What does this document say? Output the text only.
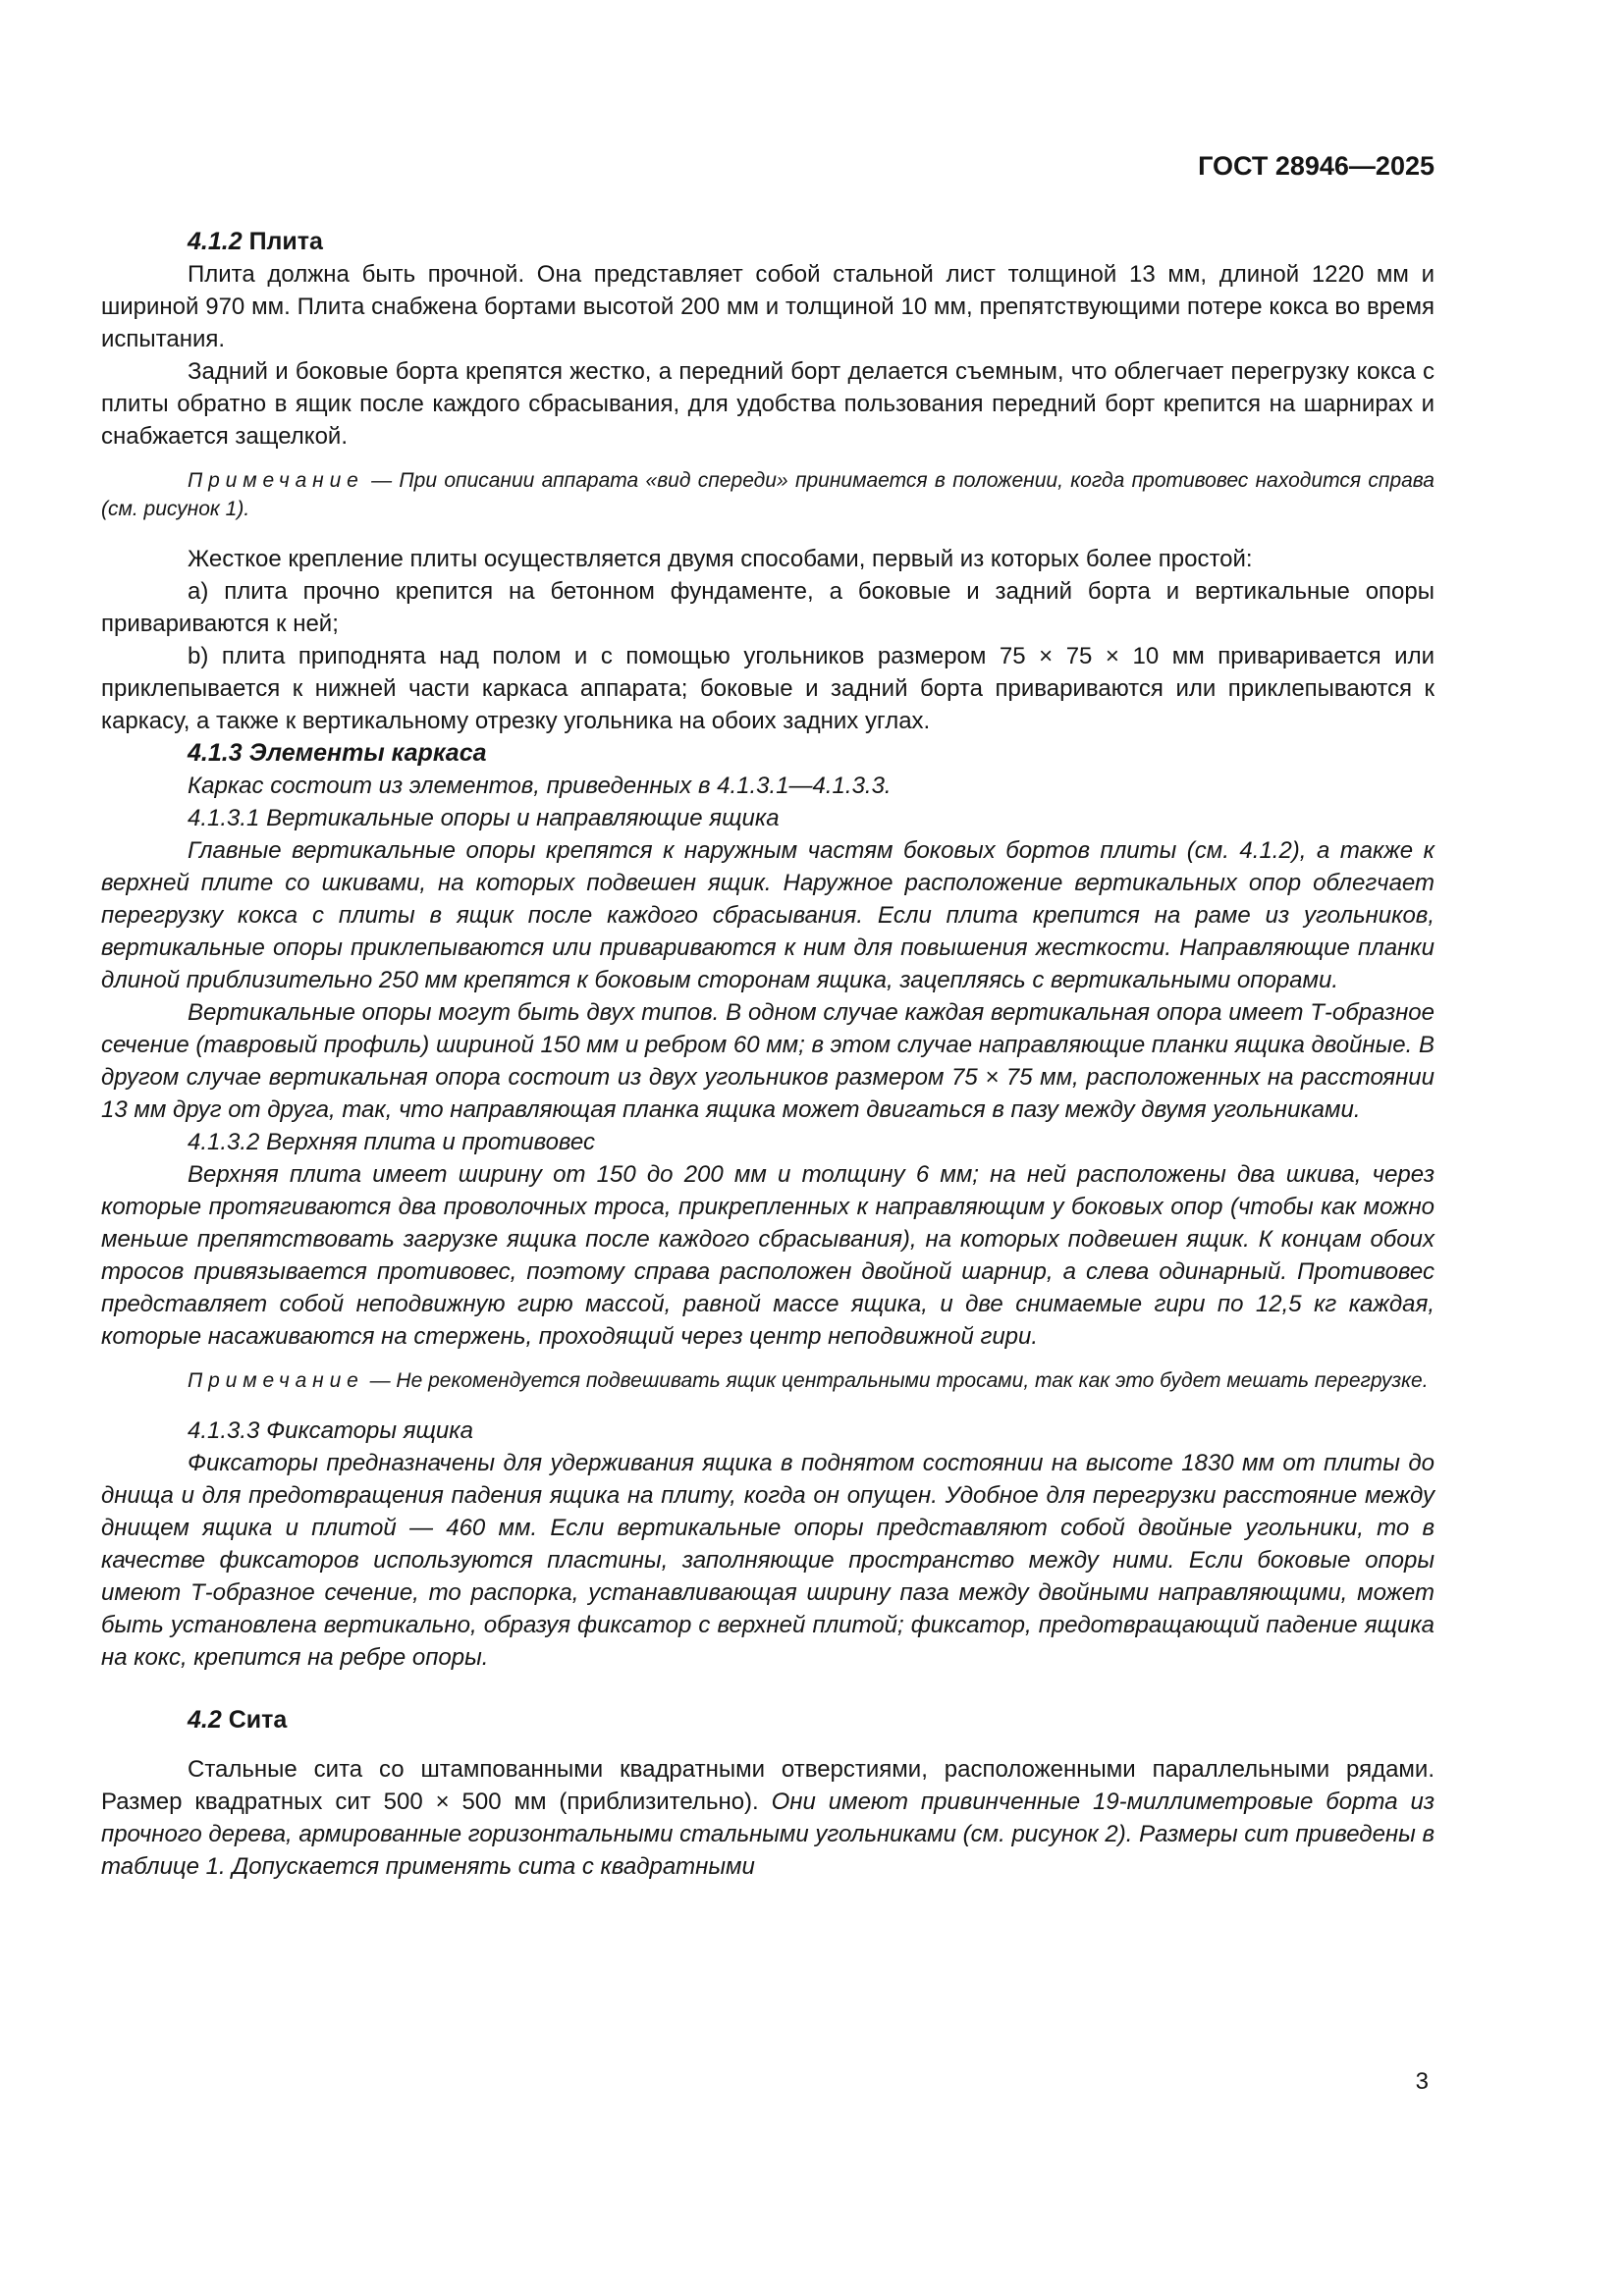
ГОСТ 28946—2025

4.1.2 Плита

Плита должна быть прочной. Она представляет собой стальной лист толщиной 13 мм, длиной 1220 мм и шириной 970 мм. Плита снабжена бортами высотой 200 мм и толщиной 10 мм, препятствующими потере кокса во время испытания.

Задний и боковые борта крепятся жестко, а передний борт делается съемным, что облегчает перегрузку кокса с плиты обратно в ящик после каждого сбрасывания, для удобства пользования передний борт крепится на шарнирах и снабжается защелкой.

Примечание — При описании аппарата «вид спереди» принимается в положении, когда противовес находится справа (см. рисунок 1).

Жесткое крепление плиты осуществляется двумя способами, первый из которых более простой:

a) плита прочно крепится на бетонном фундаменте, а боковые и задний борта и вертикальные опоры привариваются к ней;

b) плита приподнята над полом и с помощью угольников размером 75 × 75 × 10 мм приваривается или приклепывается к нижней части каркаса аппарата; боковые и задний борта привариваются или приклепываются к каркасу, а также к вертикальному отрезку угольника на обоих задних углах.

4.1.3 Элементы каркаса

Каркас состоит из элементов, приведенных в 4.1.3.1—4.1.3.3.

4.1.3.1 Вертикальные опоры и направляющие ящика

Главные вертикальные опоры крепятся к наружным частям боковых бортов плиты (см. 4.1.2), а также к верхней плите со шкивами, на которых подвешен ящик. Наружное расположение вертикальных опор облегчает перегрузку кокса с плиты в ящик после каждого сбрасывания. Если плита крепится на раме из угольников, вертикальные опоры приклепываются или привариваются к ним для повышения жесткости. Направляющие планки длиной приблизительно 250 мм крепятся к боковым сторонам ящика, зацепляясь с вертикальными опорами.

Вертикальные опоры могут быть двух типов. В одном случае каждая вертикальная опора имеет Т-образное сечение (тавровый профиль) шириной 150 мм и ребром 60 мм; в этом случае направляющие планки ящика двойные. В другом случае вертикальная опора состоит из двух угольников размером 75 × 75 мм, расположенных на расстоянии 13 мм друг от друга, так, что направляющая планка ящика может двигаться в пазу между двумя угольниками.

4.1.3.2 Верхняя плита и противовес

Верхняя плита имеет ширину от 150 до 200 мм и толщину 6 мм; на ней расположены два шкива, через которые протягиваются два проволочных троса, прикрепленных к направляющим у боковых опор (чтобы как можно меньше препятствовать загрузке ящика после каждого сбрасывания), на которых подвешен ящик. К концам обоих тросов привязывается противовес, поэтому справа расположен двойной шарнир, а слева одинарный. Противовес представляет собой неподвижную гирю массой, равной массе ящика, и две снимаемые гири по 12,5 кг каждая, которые насаживаются на стержень, проходящий через центр неподвижной гири.

Примечание — Не рекомендуется подвешивать ящик центральными тросами, так как это будет мешать перегрузке.

4.1.3.3 Фиксаторы ящика

Фиксаторы предназначены для удерживания ящика в поднятом состоянии на высоте 1830 мм от плиты до днища и для предотвращения падения ящика на плиту, когда он опущен. Удобное для перегрузки расстояние между днищем ящика и плитой — 460 мм. Если вертикальные опоры представляют собой двойные угольники, то в качестве фиксаторов используются пластины, заполняющие пространство между ними. Если боковые опоры имеют Т-образное сечение, то распорка, устанавливающая ширину паза между двойными направляющими, может быть установлена вертикально, образуя фиксатор с верхней плитой; фиксатор, предотвращающий падение ящика на кокс, крепится на ребре опоры.

4.2 Сита

Стальные сита со штампованными квадратными отверстиями, расположенными параллельными рядами. Размер квадратных сит 500 × 500 мм (приблизительно). Они имеют привинченные 19-миллиметровые борта из прочного дерева, армированные горизонтальными стальными угольниками (см. рисунок 2). Размеры сит приведены в таблице 1. Допускается применять сита с квадратными

3
